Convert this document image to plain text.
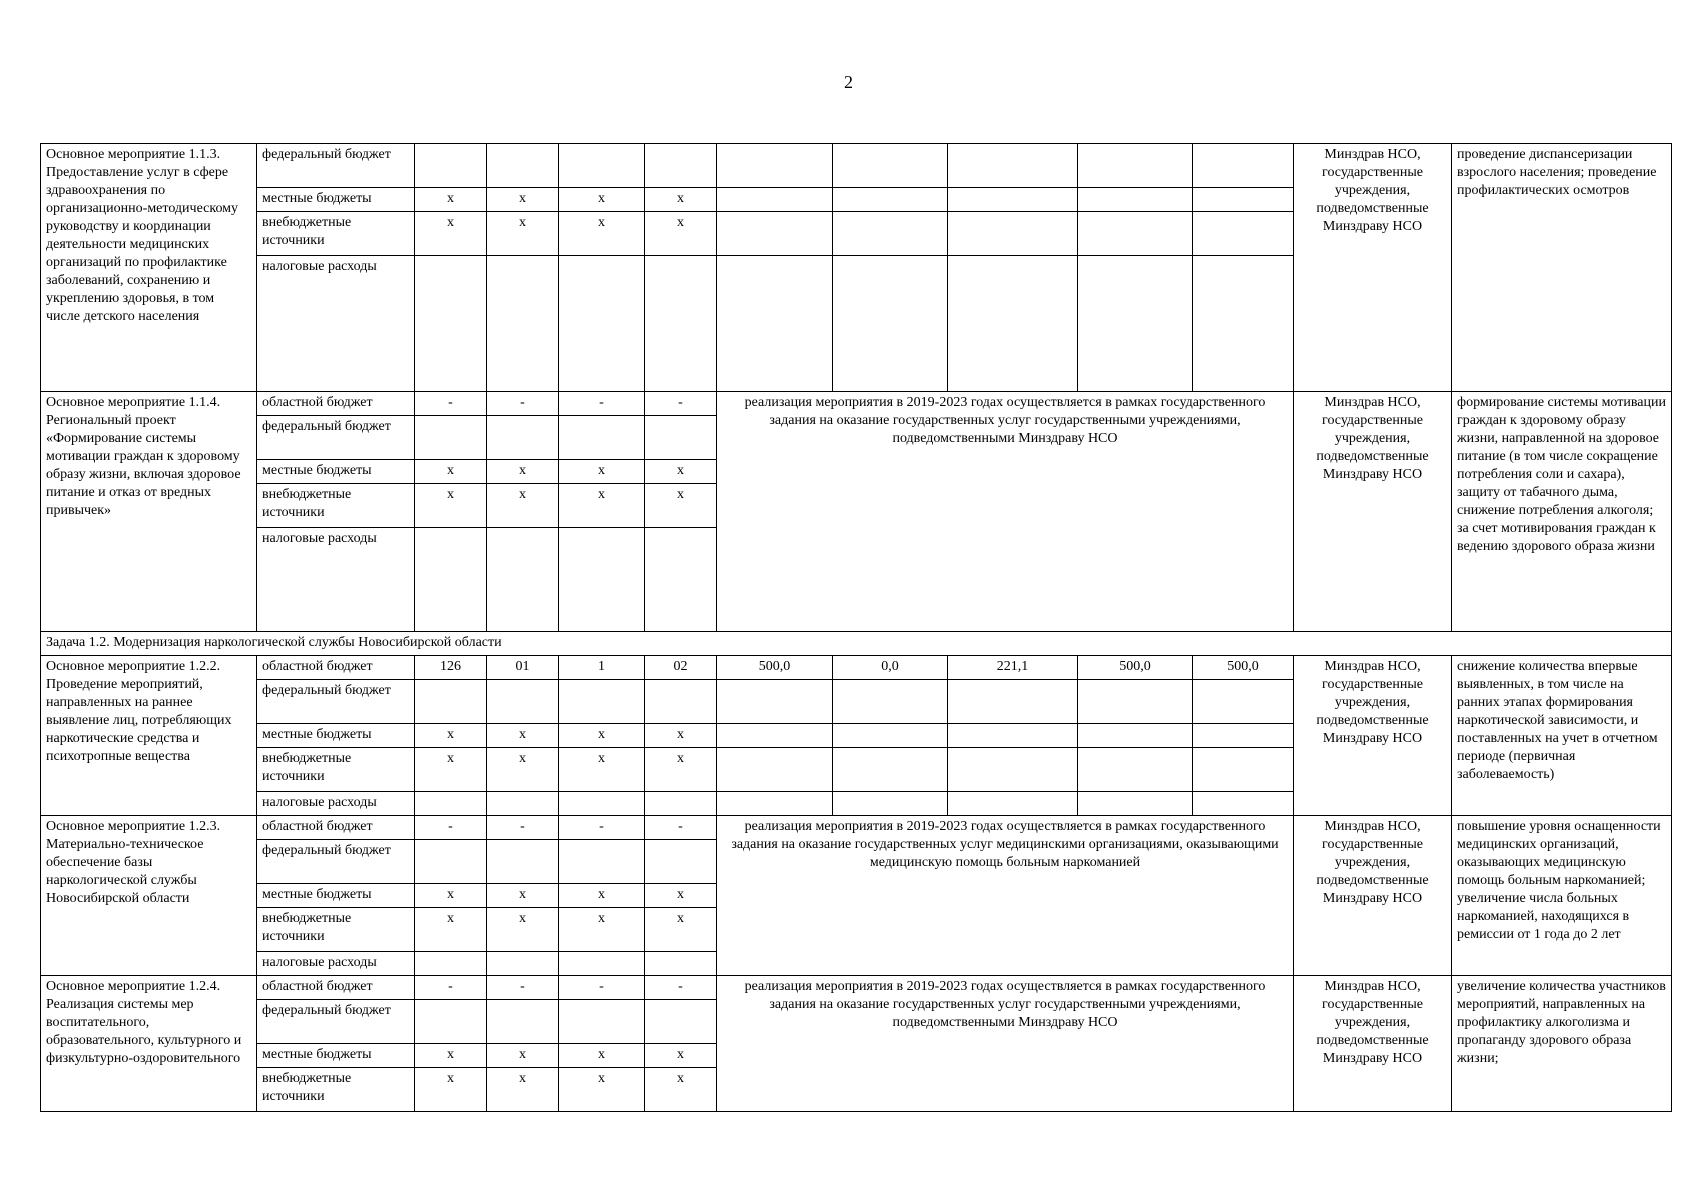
2
Основное мероприятие 1.1.3. Предоставление услуг в сфере здравоохранения по организационно-методическому руководству и координации деятельности медицинских организаций по профилактике заболеваний, сохранению и укреплению здоровья, в том числе детского населения	федеральный бюджет										Минздрав НСО, государственные учреждения, подведомственные Минздраву НСО	проведение диспансеризации взрослого населения; проведение профилактических осмотров
	местные бюджеты	x	x	x	x							
	внебюджетные источники	x	x	x	x							
	налоговые расходы											
Основное мероприятие 1.1.4. Региональный проект «Формирование системы мотивации граждан к здоровому образу жизни, включая здоровое питание и отказ от вредных привычек»	областной бюджет	-	-	-	-	реализация мероприятия в 2019-2023 годах осуществляется в рамках государственного задания на оказание государственных услуг государственными учреждениями, подведомственными Минздраву НСО					Минздрав НСО, государственные учреждения, подведомственные Минздраву НСО	формирование системы мотивации граждан к здоровому образу жизни, направленной на здоровое питание (в том числе сокращение потребления соли и сахара), защиту от табачного дыма, снижение потребления алкоголя; за счет мотивирования граждан к ведению здорового образа жизни
	федеральный бюджет											
	местные бюджеты	x	x	x	x							
	внебюджетные источники	x	x	x	x							
	налоговые расходы											
Задача 1.2. Модернизация наркологической службы Новосибирской области												
Основное мероприятие 1.2.2. Проведение мероприятий, направленных на раннее выявление лиц, потребляющих наркотические средства и психотропные вещества	областной бюджет	126	01	1	02	500,0	0,0	221,1	500,0	500,0	Минздрав НСО, государственные учреждения, подведомственные Минздраву НСО	снижение количества впервые выявленных, в том числе на ранних этапах формирования наркотической зависимости, и поставленных на учет в отчетном периоде (первичная заболеваемость)
	федеральный бюджет											
	местные бюджеты	x	x	x	x							
	внебюджетные источники	x	x	x	x							
	налоговые расходы											
Основное мероприятие 1.2.3. Материально-техническое обеспечение базы наркологической службы Новосибирской области	областной бюджет	-	-	-	-	реализация мероприятия в 2019-2023 годах осуществляется в рамках государственного задания на оказание государственных услуг медицинскими организациями, оказывающими медицинскую помощь больным наркоманией					Минздрав НСО, государственные учреждения, подведомственные Минздраву НСО	повышение уровня оснащенности медицинских организаций, оказывающих медицинскую помощь больным наркоманией; увеличение числа больных наркоманией, находящихся в ремиссии от 1 года до 2 лет
	федеральный бюджет											
	местные бюджеты	x	x	x	x							
	внебюджетные источники	x	x	x	x							
	налоговые расходы											
Основное мероприятие 1.2.4. Реализация системы мер воспитательного, образовательного, культурного и физкультурно-оздоровительного	областной бюджет	-	-	-	-	реализация мероприятия в 2019-2023 годах осуществляется в рамках государственного задания на оказание государственных услуг государственными учреждениями, подведомственными Минздраву НСО					Минздрав НСО, государственные учреждения, подведомственные Минздраву НСО	увеличение количества участников мероприятий, направленных на профилактику алкоголизма и пропаганду здорового образа жизни;
	федеральный бюджет											
	местные бюджеты	x	x	x	x							
	внебюджетные источники	x	x	x	x							
